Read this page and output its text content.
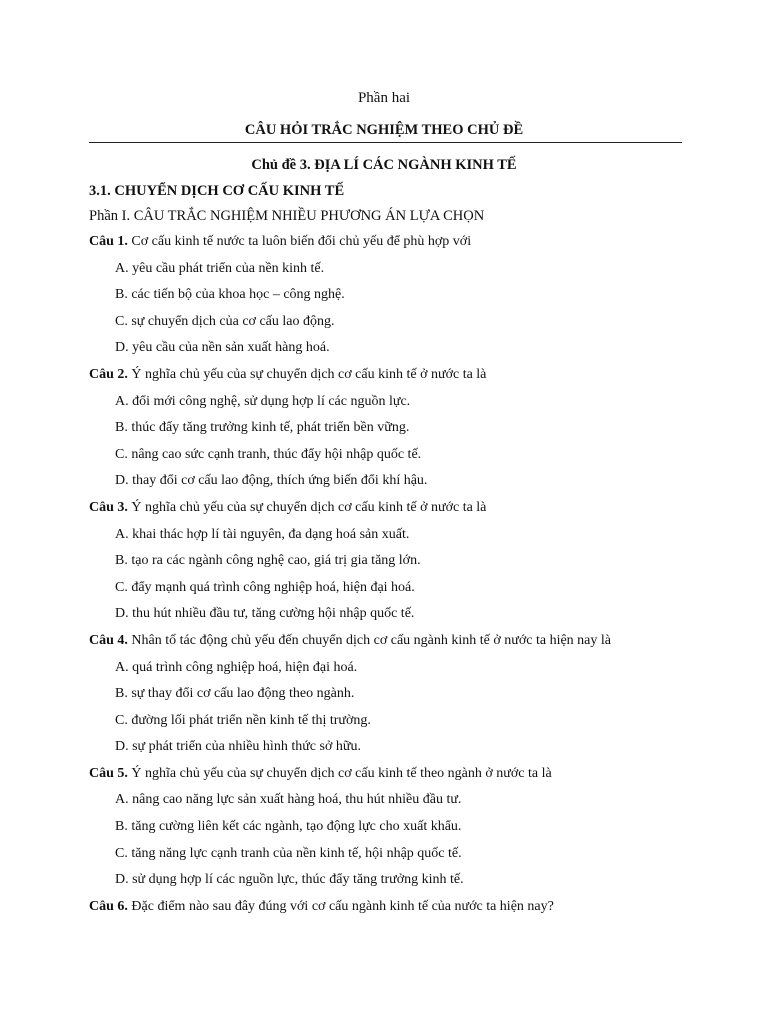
Phần hai
CÂU HỎI TRẮC NGHIỆM THEO CHỦ ĐỀ
Chủ đề 3. ĐỊA LÍ CÁC NGÀNH KINH TẾ
3.1. CHUYỂN DỊCH CƠ CẤU KINH TẾ
Phần I. CÂU TRẮC NGHIỆM NHIỀU PHƯƠNG ÁN LỰA CHỌN
Câu 1. Cơ cấu kinh tế nước ta luôn biến đổi chủ yếu để phù hợp với
A. yêu cầu phát triển của nền kinh tế.
B. các tiến bộ của khoa học – công nghệ.
C. sự chuyển dịch của cơ cấu lao động.
D. yêu cầu của nền sản xuất hàng hoá.
Câu 2. Ý nghĩa chủ yếu của sự chuyển dịch cơ cấu kinh tế ở nước ta là
A. đổi mới công nghệ, sử dụng hợp lí các nguồn lực.
B. thúc đẩy tăng trưởng kinh tế, phát triển bền vững.
C. nâng cao sức cạnh tranh, thúc đẩy hội nhập quốc tế.
D. thay đổi cơ cấu lao động, thích ứng biến đổi khí hậu.
Câu 3. Ý nghĩa chủ yếu của sự chuyển dịch cơ cấu kinh tế ở nước ta là
A. khai thác hợp lí tài nguyên, đa dạng hoá sản xuất.
B. tạo ra các ngành công nghệ cao, giá trị gia tăng lớn.
C. đẩy mạnh quá trình công nghiệp hoá, hiện đại hoá.
D. thu hút nhiều đầu tư, tăng cường hội nhập quốc tế.
Câu 4. Nhân tố tác động chủ yếu đến chuyển dịch cơ cấu ngành kinh tế ở nước ta hiện nay là
A. quá trình công nghiệp hoá, hiện đại hoá.
B. sự thay đổi cơ cấu lao động theo ngành.
C. đường lối phát triển nền kinh tế thị trường.
D. sự phát triển của nhiều hình thức sở hữu.
Câu 5. Ý nghĩa chủ yếu của sự chuyển dịch cơ cấu kinh tế theo ngành ở nước ta là
A. nâng cao năng lực sản xuất hàng hoá, thu hút nhiều đầu tư.
B. tăng cường liên kết các ngành, tạo động lực cho xuất khẩu.
C. tăng năng lực cạnh tranh của nền kinh tế, hội nhập quốc tế.
D. sử dụng hợp lí các nguồn lực, thúc đẩy tăng trưởng kinh tế.
Câu 6. Đặc điểm nào sau đây đúng với cơ cấu ngành kinh tế của nước ta hiện nay?
